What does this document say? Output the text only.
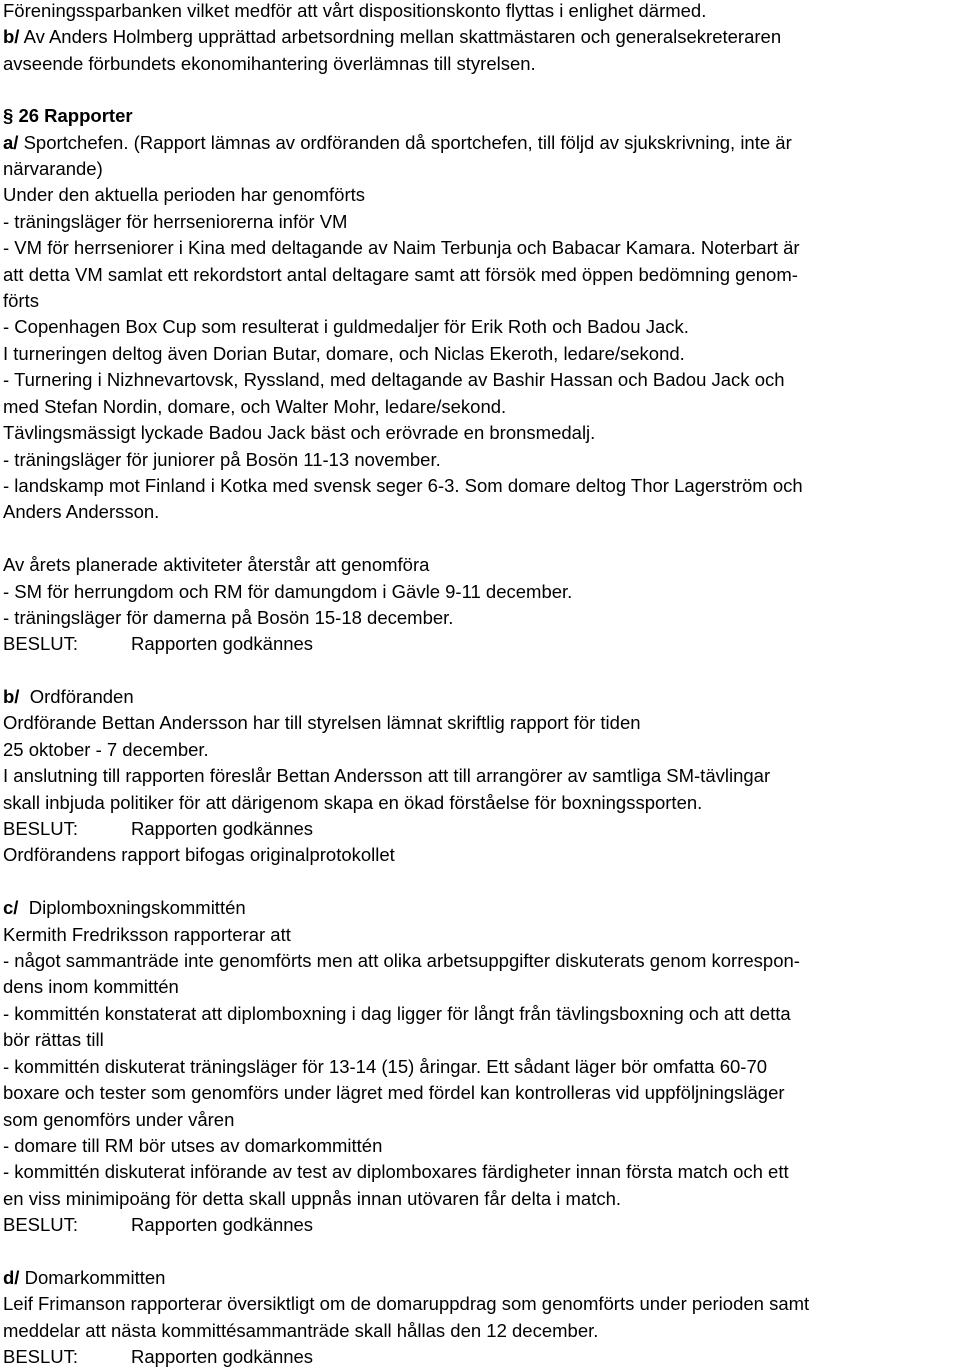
Föreningssparbanken vilket medför att vårt dispositionskonto flyttas i enlighet därmed.
b/ Av Anders Holmberg upprättad arbetsordning mellan skattmästaren och generalsekreteraren
avseende förbundets ekonomihantering överlämnas till styrelsen.
§ 26 Rapporter
a/ Sportchefen. (Rapport lämnas av ordföranden då sportchefen, till följd av sjukskrivning, inte är
närvarande)
Under den aktuella perioden har genomförts
- träningsläger för herrseniorerna inför VM
- VM för herrseniorer i Kina med deltagande av Naim Terbunja och Babacar Kamara. Noterbart är
att detta VM samlat ett rekordstort antal deltagare samt att försök med öppen bedömning genom-
förts
- Copenhagen Box Cup som resulterat i guldmedaljer för Erik Roth och Badou Jack.
I turneringen deltog även Dorian Butar, domare, och Niclas Ekeroth, ledare/sekond.
- Turnering i Nizhnevartovsk, Ryssland, med deltagande av Bashir Hassan och Badou Jack och
med Stefan Nordin, domare, och Walter Mohr, ledare/sekond.
Tävlingsmässigt lyckade Badou Jack bäst och erövrade en bronsmedalj.
- träningsläger för juniorer på Bosön 11-13 november.
- landskamp mot Finland i Kotka med svensk seger 6-3. Som domare deltog Thor Lagerström och
Anders Andersson.
Av årets planerade aktiviteter återstår att genomföra
- SM för herrungdom och RM för damungdom i Gävle 9-11 december.
- träningsläger för damerna på Bosön 15-18 december.
BESLUT:	Rapporten godkännes
b/  Ordföranden
Ordförande Bettan Andersson har till styrelsen lämnat skriftlig rapport för tiden
25 oktober - 7 december.
I anslutning till rapporten föreslår Bettan Andersson att till arrangörer av samtliga SM-tävlingar
skall inbjuda politiker för att därigenom skapa en ökad förståelse för boxningssporten.
BESLUT:	Rapporten godkännes
Ordförandens rapport bifogas originalprotokollet
c/  Diplomboxningskommittén
Kermith Fredriksson rapporterar att
- något sammanträde inte genomförts men att olika arbetsuppgifter diskuterats genom korrespon-
dens inom kommittén
- kommittén konstaterat att diplomboxning i dag ligger för långt från tävlingsboxning och att detta
bör rättas till
- kommittén diskuterat träningsläger för 13-14 (15) åringar. Ett sådant läger bör omfatta 60-70
boxare och tester som genomförs under lägret med fördel kan kontrolleras vid uppföljningsläger
som genomförs under våren
- domare till RM bör utses av domarkommittén
- kommittén diskuterat införande av test av diplomboxares färdigheter innan första match och ett
en viss minimipoäng för detta skall uppnås innan utövaren får delta i match.
BESLUT:	Rapporten godkännes
d/ Domarkommitten
Leif Frimanson rapporterar översiktligt om de domaruppdrag som genomförts under perioden samt
meddelar att nästa kommittésammanträde skall hållas den 12 december.
BESLUT:	Rapporten godkännes
